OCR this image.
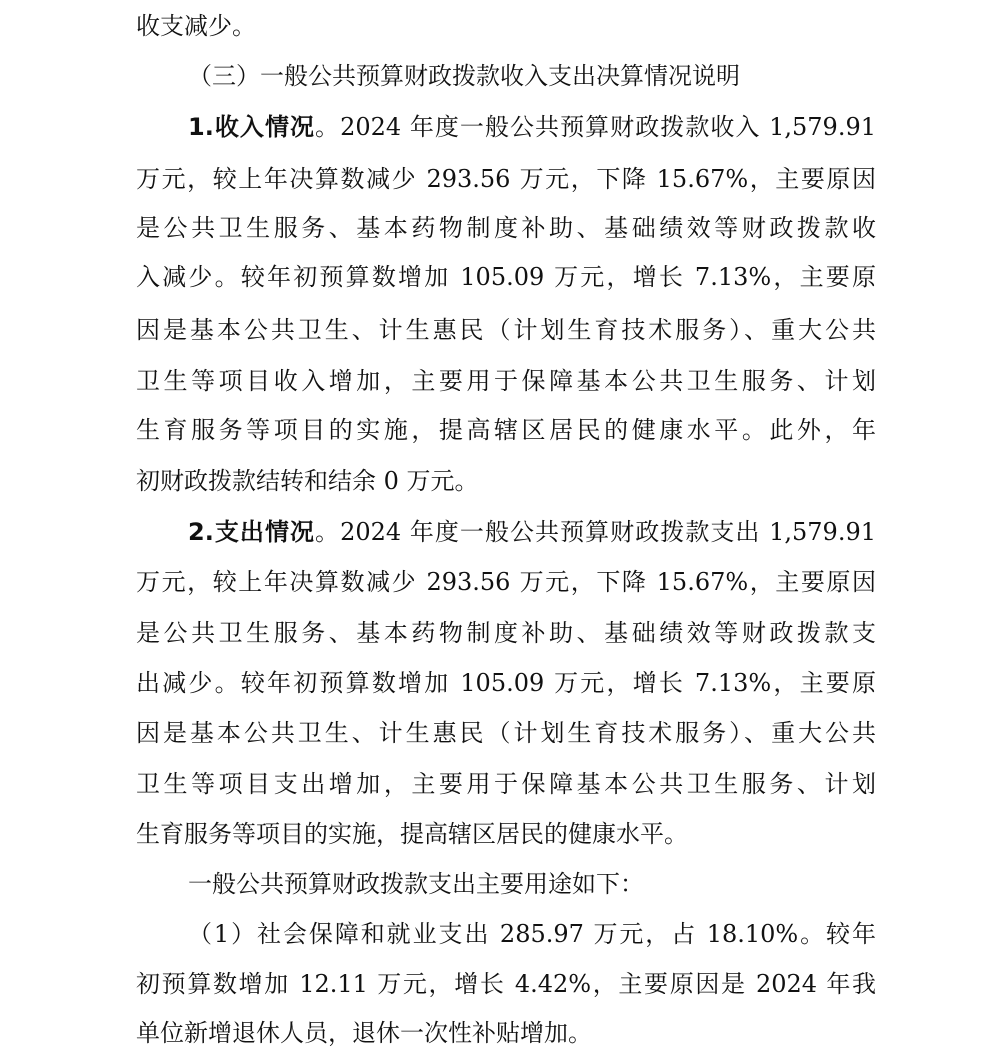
收支减少。
（三）一般公共预算财政拨款收入支出决算情况说明
1.收入情况。2024 年度一般公共预算财政拨款收入 1,579.91
万元，较上年决算数减少 293.56 万元，下降 15.67%，主要原因
是公共卫生服务、基本药物制度补助、基础绩效等财政拨款收
入减少。较年初预算数增加 105.09 万元，增长 7.13%，主要原
因是基本公共卫生、计生惠民（计划生育技术服务）、重大公共
卫生等项目收入增加，主要用于保障基本公共卫生服务、计划
生育服务等项目的实施，提高辖区居民的健康水平。此外，年
初财政拨款结转和结余 0 万元。
2.支出情况。2024 年度一般公共预算财政拨款支出 1,579.91
万元，较上年决算数减少 293.56 万元，下降 15.67%，主要原因
是公共卫生服务、基本药物制度补助、基础绩效等财政拨款支
出减少。较年初预算数增加 105.09 万元，增长 7.13%，主要原
因是基本公共卫生、计生惠民（计划生育技术服务）、重大公共
卫生等项目支出增加，主要用于保障基本公共卫生服务、计划
生育服务等项目的实施，提高辖区居民的健康水平。
一般公共预算财政拨款支出主要用途如下：
（1）社会保障和就业支出 285.97 万元，占 18.10%。较年
初预算数增加 12.11 万元，增长 4.42%，主要原因是 2024 年我
单位新增退休人员，退休一次性补贴增加。
